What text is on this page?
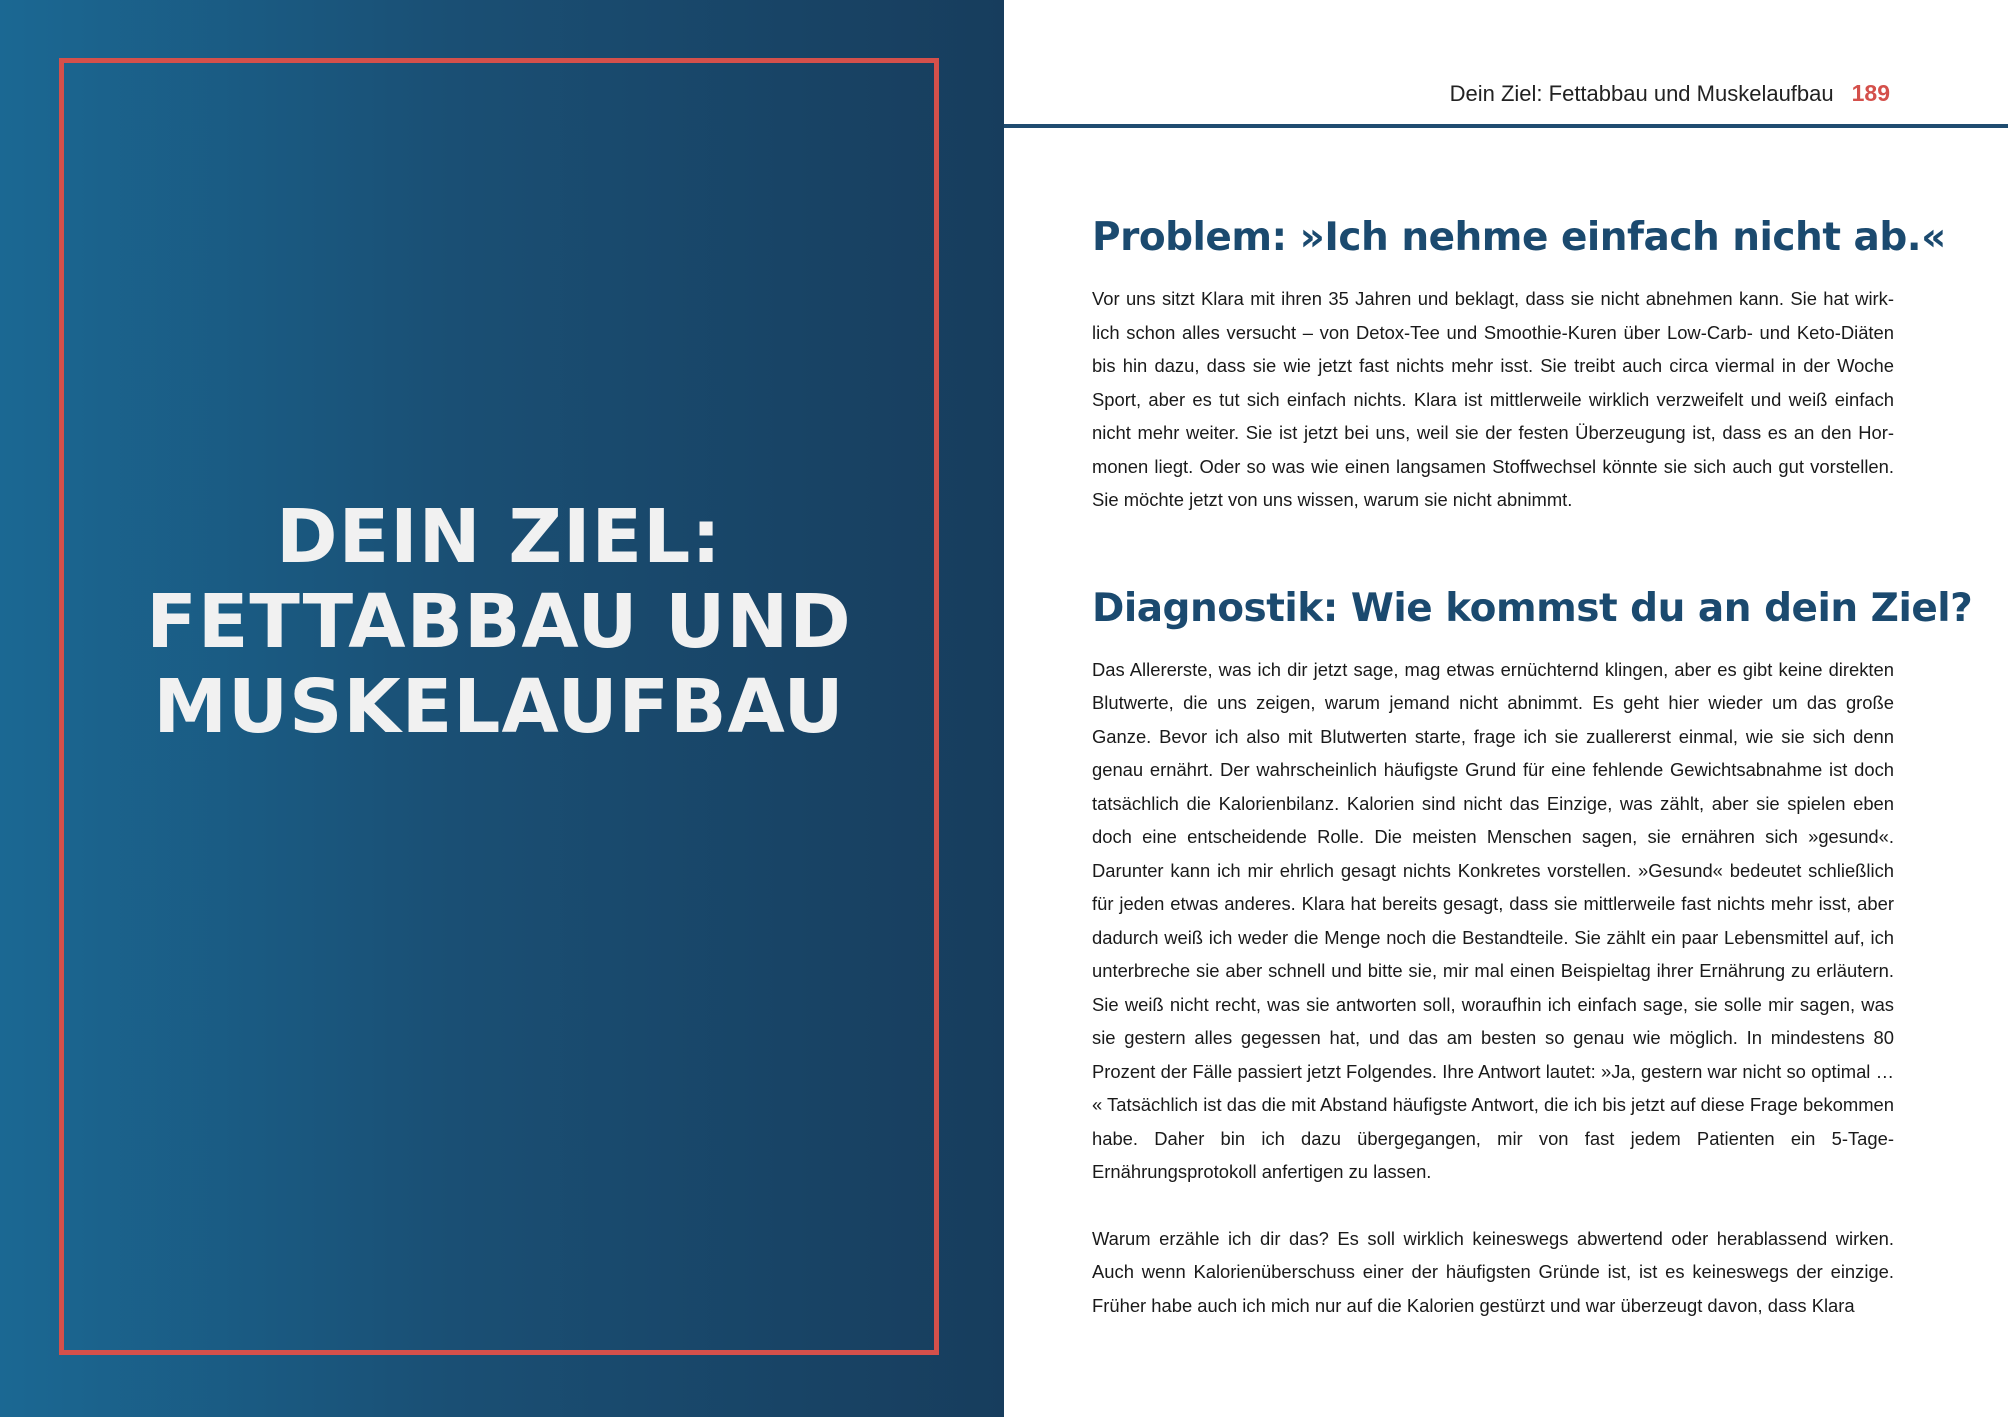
DEIN ZIEL:
FETTABBAU UND
MUSKELAUFBAU
Dein Ziel: Fettabbau und Muskelaufbau 189
Problem: »Ich nehme einfach nicht ab.«

Vor uns sitzt Klara mit ihren 35 Jahren und beklagt, dass sie nicht abnehmen kann. Sie hat wirklich schon alles versucht – von Detox-Tee und Smoothie-Kuren über Low-Carb- und Keto-Diäten bis hin dazu, dass sie wie jetzt fast nichts mehr isst. Sie treibt auch circa viermal in der Woche Sport, aber es tut sich einfach nichts. Klara ist mittlerweile wirklich verzweifelt und weiß einfach nicht mehr weiter. Sie ist jetzt bei uns, weil sie der festen Überzeugung ist, dass es an den Hormonen liegt. Oder so was wie einen langsamen Stoffwechsel könnte sie sich auch gut vorstellen. Sie möchte jetzt von uns wissen, warum sie nicht abnimmt.

Diagnostik: Wie kommst du an dein Ziel?

Das Allererste, was ich dir jetzt sage, mag etwas ernüchternd klingen, aber es gibt keine direkten Blutwerte, die uns zeigen, warum jemand nicht abnimmt. Es geht hier wieder um das große Ganze. Bevor ich also mit Blutwerten starte, frage ich sie zuallererst einmal, wie sie sich denn genau ernährt. Der wahrscheinlich häufigste Grund für eine fehlende Gewichtsabnahme ist doch tatsächlich die Kalorienbilanz. Kalorien sind nicht das Einzige, was zählt, aber sie spielen eben doch eine entscheidende Rolle. Die meisten Menschen sagen, sie ernähren sich »gesund«. Darunter kann ich mir ehrlich gesagt nichts Konkretes vorstellen. »Gesund« bedeutet schließlich für jeden etwas anderes. Klara hat bereits gesagt, dass sie mittlerweile fast nichts mehr isst, aber dadurch weiß ich weder die Menge noch die Bestandteile. Sie zählt ein paar Lebensmittel auf, ich unterbreche sie aber schnell und bitte sie, mir mal einen Beispieltag ihrer Ernährung zu erläutern. Sie weiß nicht recht, was sie antworten soll, woraufhin ich einfach sage, sie solle mir sagen, was sie gestern alles gegessen hat, und das am besten so genau wie möglich. In mindestens 80 Prozent der Fälle passiert jetzt Folgendes. Ihre Antwort lautet: »Ja, gestern war nicht so optimal … « Tatsächlich ist das die mit Abstand häufigste Antwort, die ich bis jetzt auf diese Frage bekommen habe. Daher bin ich dazu übergegangen, mir von fast jedem Patienten ein 5-Tage-Ernährungsprotokoll anfertigen zu lassen.

Warum erzähle ich dir das? Es soll wirklich keineswegs abwertend oder herablassend wirken. Auch wenn Kalorienüberschuss einer der häufigsten Gründe ist, ist es keineswegs der einzige. Früher habe auch ich mich nur auf die Kalorien gestürzt und war überzeugt davon, dass Klara
